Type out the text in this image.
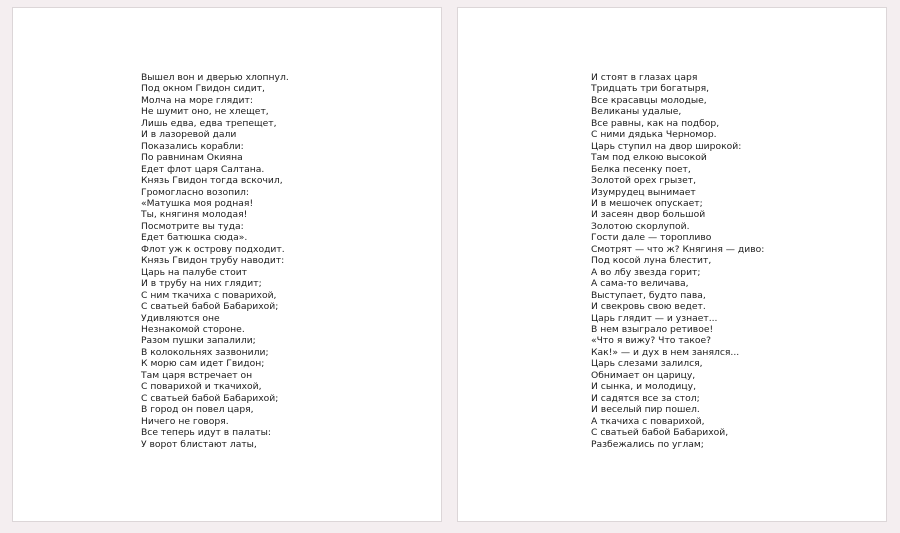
Вышел вон и дверью хлопнул.
Под окном Гвидон сидит,
Молча на море глядит:
Не шумит оно, не хлещет,
Лишь едва, едва трепещет,
И в лазоревой дали
Показались корабли:
По равнинам Окияна
Едет флот царя Салтана.
Князь Гвидон тогда вскочил,
Громогласно возопил:
«Матушка моя родная!
Ты, княгиня молодая!
Посмотрите вы туда:
Едет батюшка сюда».
Флот уж к острову подходит.
Князь Гвидон трубу наводит:
Царь на палубе стоит
И в трубу на них глядит;
С ним ткачиха с поварихой,
С сватьей бабой Бабарихой;
Удивляются оне
Незнакомой стороне.
Разом пушки запалили;
В колокольнях зазвонили;
К морю сам идет Гвидон;
Там царя встречает он
С поварихой и ткачихой,
С сватьей бабой Бабарихой;
В город он повел царя,
Ничего не говоря.
Все теперь идут в палаты:
У ворот блистают латы,
И стоят в глазах царя
Тридцать три богатыря,
Все красавцы молодые,
Великаны удалые,
Все равны, как на подбор,
С ними дядька Черномор.
Царь ступил на двор широкой:
Там под елкою высокой
Белка песенку поет,
Золотой орех грызет,
Изумрудец вынимает
И в мешочек опускает;
И засеян двор большой
Золотою скорлупой.
Гости дале — торопливо
Смотрят — что ж? Княгиня — диво:
Под косой луна блестит,
А во лбу звезда горит;
А сама-то величава,
Выступает, будто пава,
И свекровь свою ведет.
Царь глядит — и узнает...
В нем взыграло ретивое!
«Что я вижу? Что такое?
Как!» — и дух в нем занялся...
Царь слезами залился,
Обнимает он царицу,
И сынка, и молодицу,
И садятся все за стол;
И веселый пир пошел.
А ткачиха с поварихой,
С сватьей бабой Бабарихой,
Разбежались по углам;
